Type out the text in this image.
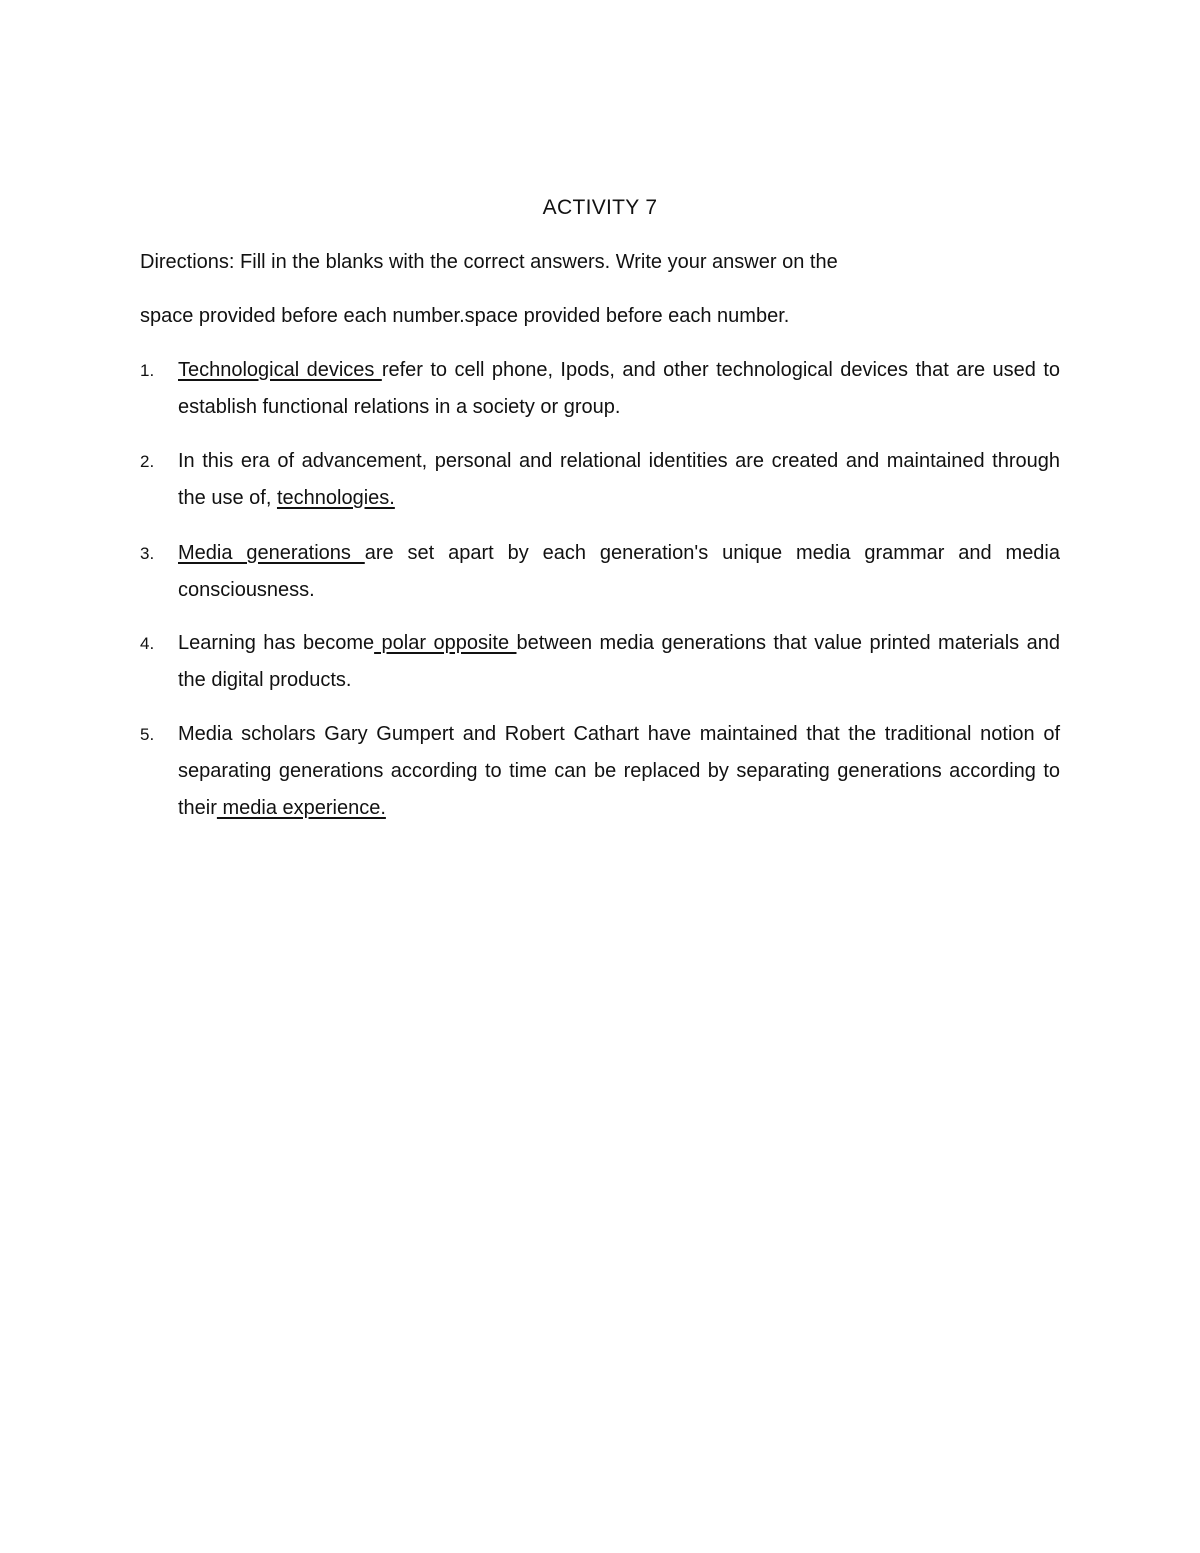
ACTIVITY 7
Directions: Fill in the blanks with the correct answers. Write your answer on the
space provided before each number.space provided before each number.
1.	Technological devices refer to cell phone, Ipods, and other technological devices that are used to establish functional relations in a society or group.
2.	In this era of advancement, personal and relational identities are created and maintained through the use of, technologies.
3.	Media generations are set apart by each generation's unique media grammar and media consciousness.
4.	Learning has become polar opposite between media generations that value printed materials and the digital products.
5.	Media scholars Gary Gumpert and Robert Cathart have maintained that the traditional notion of separating generations according to time can be replaced by separating generations according to their media experience.
